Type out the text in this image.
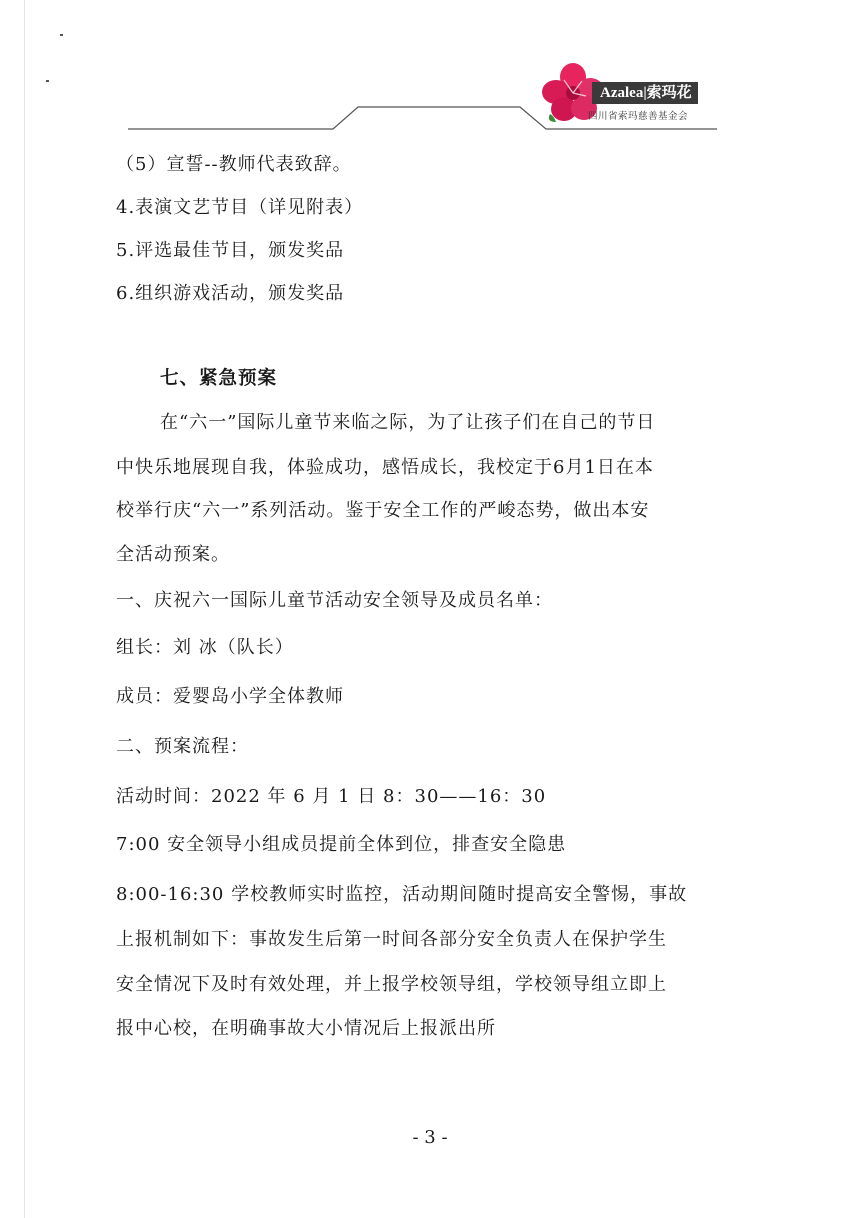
Azalea|索玛花
四川省索玛慈善基金会
（5）宣誓--教师代表致辞。
4.表演文艺节目（详见附表）
5.评选最佳节目，颁发奖品
6.组织游戏活动，颁发奖品
七、紧急预案
在“六一”国际儿童节来临之际，为了让孩子们在自己的节日
中快乐地展现自我，体验成功，感悟成长，我校定于6月1日在本
校举行庆“六一”系列活动。鉴于安全工作的严峻态势，做出本安
全活动预案。
一、庆祝六一国际儿童节活动安全领导及成员名单：
组长：刘 冰（队长）
成员：爱婴岛小学全体教师
二、预案流程：
活动时间：2022 年 6 月 1 日 8：30——16：30
7:00 安全领导小组成员提前全体到位，排查安全隐患
8:00-16:30 学校教师实时监控，活动期间随时提高安全警惕，事故
上报机制如下：事故发生后第一时间各部分安全负责人在保护学生
安全情况下及时有效处理，并上报学校领导组，学校领导组立即上
报中心校，在明确事故大小情况后上报派出所
- 3 -
